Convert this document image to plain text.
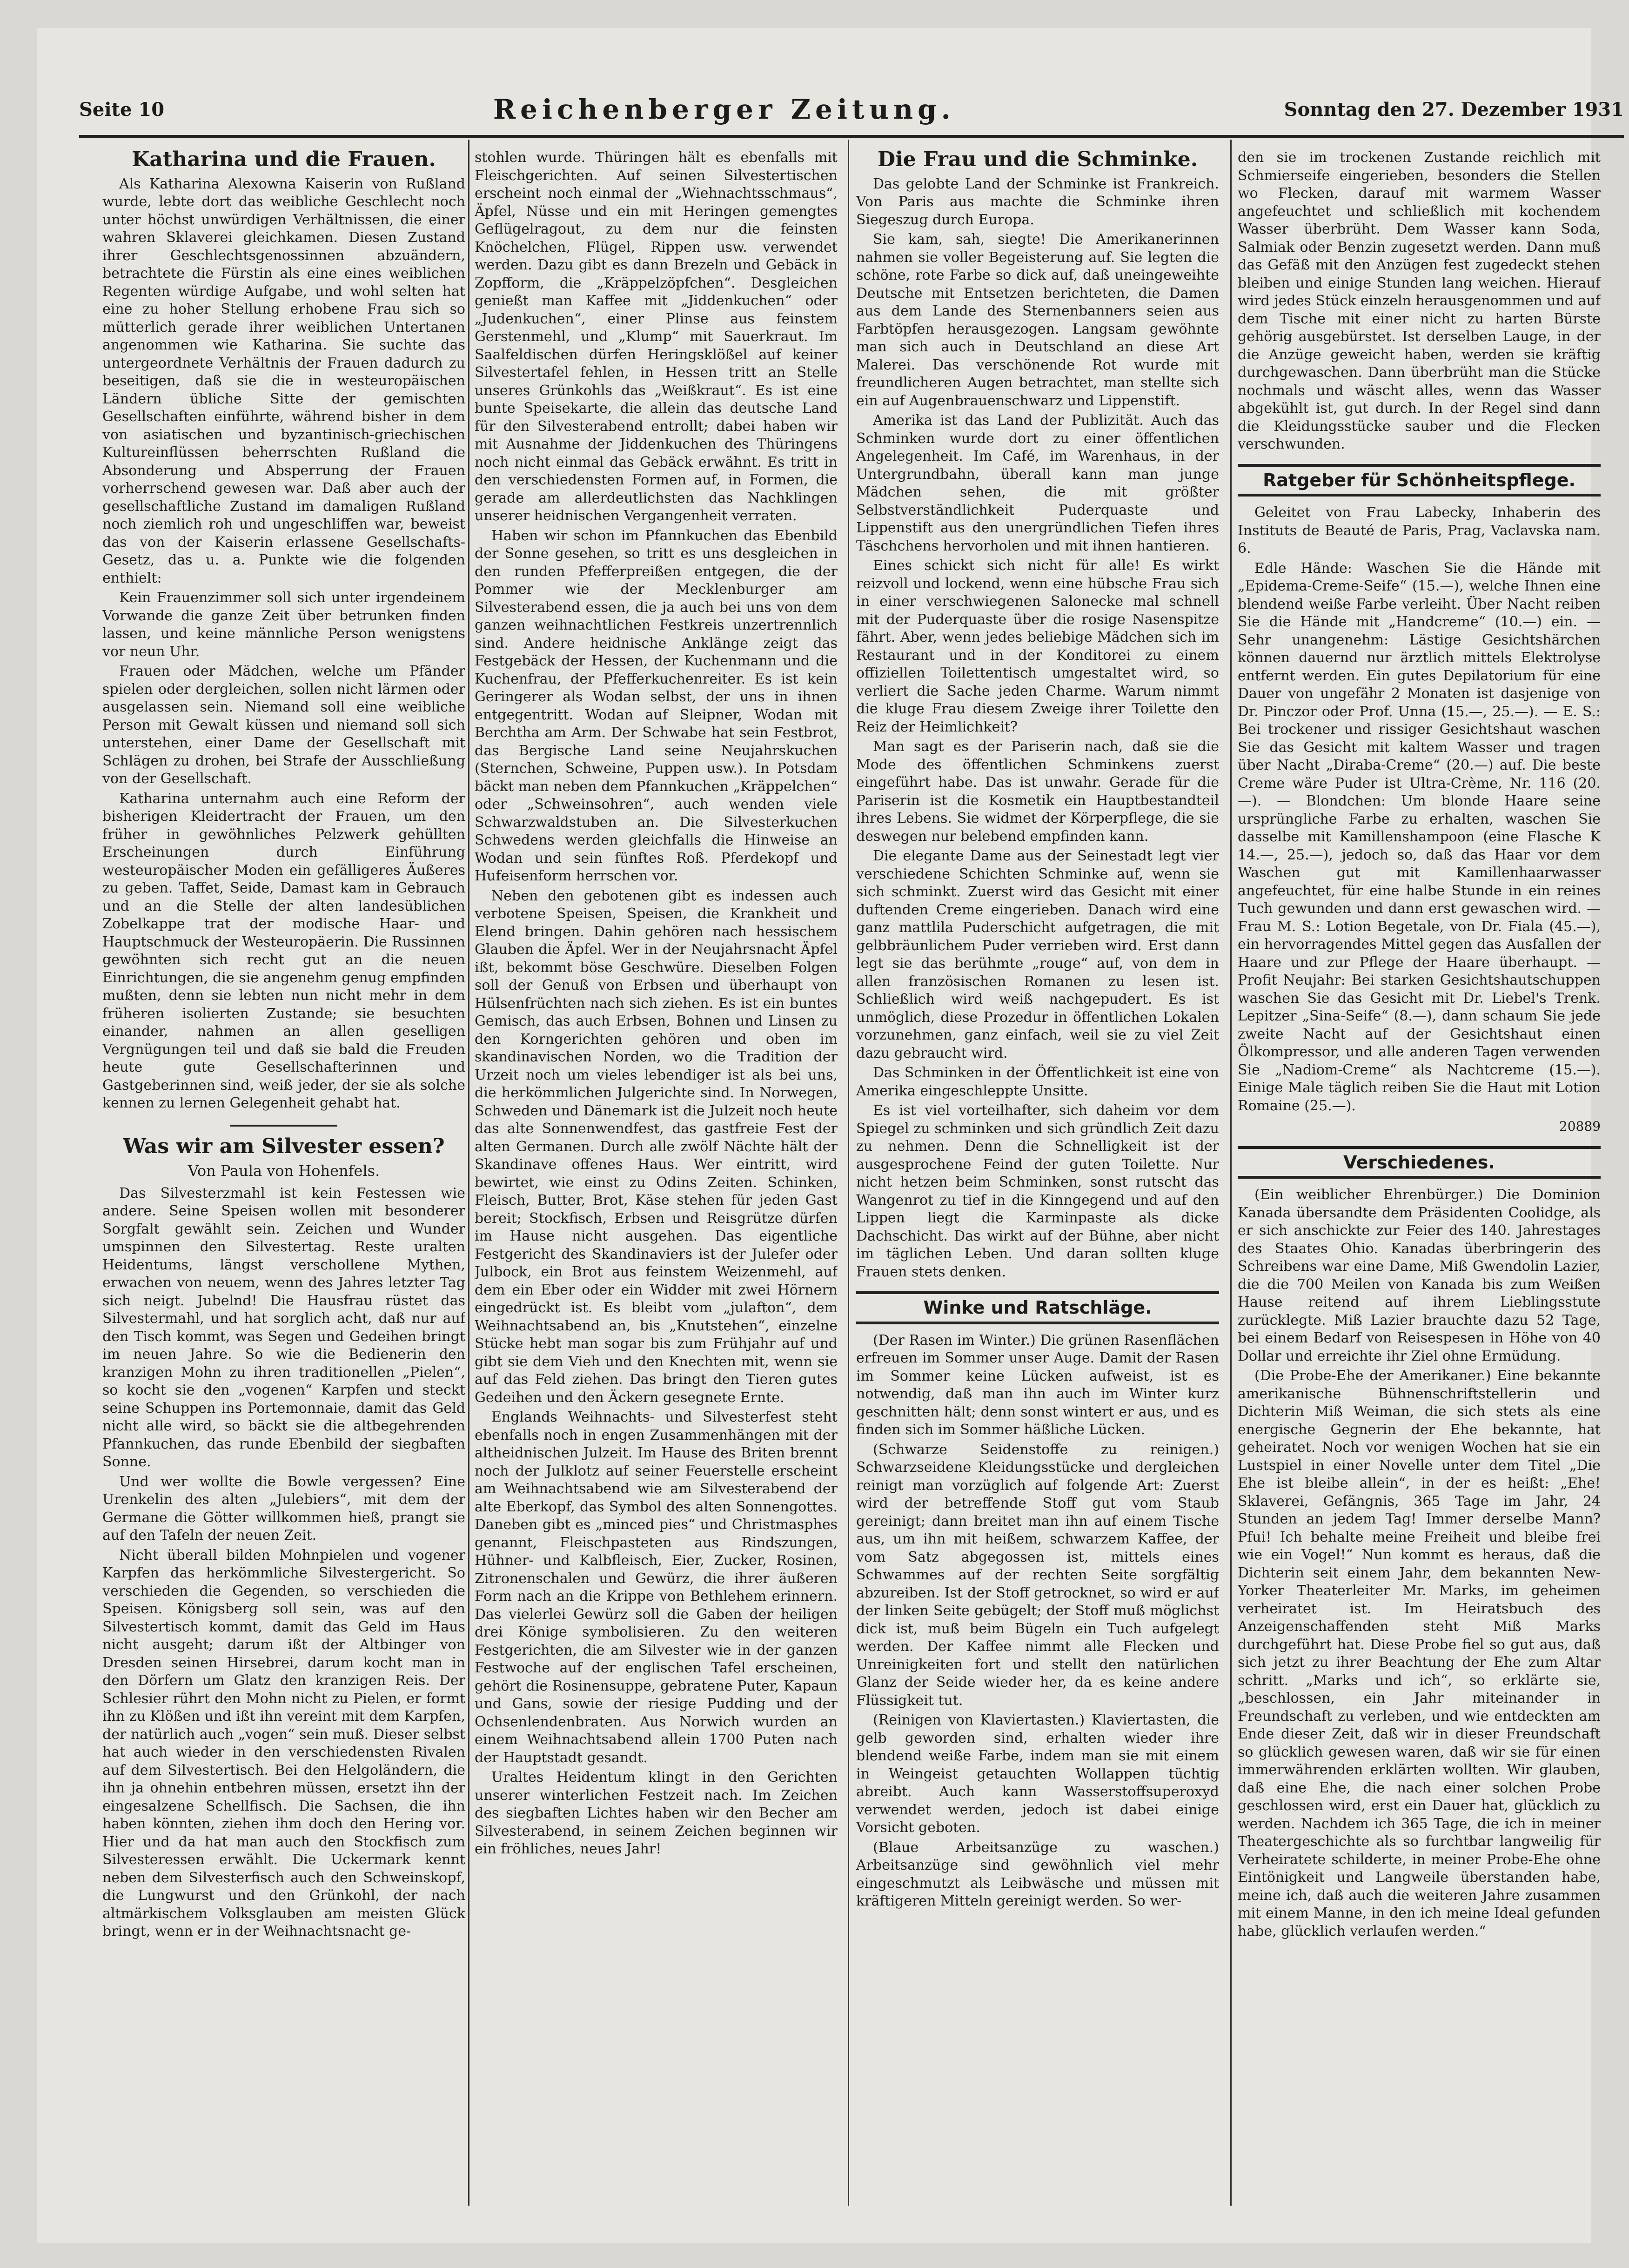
Seite 10	Reichenberger Zeitung.	Sonntag den 27. Dezember 1931
Katharina und die Frauen.

Als Katharina Alexowna Kaiserin von Rußland wurde, lebte dort das weibliche Geschlecht noch unter höchst unwürdigen Verhältnissen, die einer wahren Sklaverei gleichkamen. Diesen Zustand ihrer Geschlechtsgenossinnen abzuändern, betrachtete die Fürstin als eine eines weiblichen Regenten würdige Aufgabe, und wohl selten hat eine zu hoher Stellung erhobene Frau sich so mütterlich gerade ihrer weiblichen Untertanen angenommen wie Katharina. Sie suchte das untergeordnete Verhältnis der Frauen dadurch zu beseitigen, daß sie die in westeuropäischen Ländern übliche Sitte der gemischten Gesellschaften einführte, während bisher in dem von asiatischen und byzantinisch-griechischen Kultureinflüssen beherrschten Rußland die Absonderung und Absperrung der Frauen vorherrschend gewesen war. Daß aber auch der gesellschaftliche Zustand im damaligen Rußland noch ziemlich roh und ungeschliffen war, beweist das von der Kaiserin erlassene Gesellschafts-Gesetz, das u. a. Punkte wie die folgenden enthielt:

Kein Frauenzimmer soll sich unter irgendeinem Vorwande die ganze Zeit über betrunken finden lassen, und keine männliche Person wenigstens vor neun Uhr.

Frauen oder Mädchen, welche um Pfänder spielen oder dergleichen, sollen nicht lärmen oder ausgelassen sein. Niemand soll eine weibliche Person mit Gewalt küssen und niemand soll sich unterstehen, einer Dame der Gesellschaft mit Schlägen zu drohen, bei Strafe der Ausschließung von der Gesellschaft.

Katharina unternahm auch eine Reform der bisherigen Kleidertracht der Frauen, um den früher in gewöhnliches Pelzwerk gehüllten Erscheinungen durch Einführung westeuropäischer Moden ein gefälligeres Äußeres zu geben. Taffet, Seide, Damast kam in Gebrauch und an die Stelle der alten landesüblichen Zobelkappe trat der modische Haar- und Hauptschmuck der Westeuropäerin. Die Russinnen gewöhnten sich recht gut an die neuen Einrichtungen, die sie angenehm genug empfinden mußten, denn sie lebten nun nicht mehr in dem früheren isolierten Zustande; sie besuchten einander, nahmen an allen geselligen Vergnügungen teil und daß sie bald die Freuden heute gute Gesellschafterinnen und Gastgeberinnen sind, weiß jeder, der sie als solche kennen zu lernen Gelegenheit gehabt hat.

Was wir am Silvester essen?
Von Paula von Hohenfels.

Das Silvesterzmahl ist kein Festessen wie andere. Seine Speisen wollen mit besonderer Sorgfalt gewählt sein. Zeichen und Wunder umspinnen den Silvestertag. Reste uralten Heidentums, längst verschollene Mythen, erwachen von neuem, wenn des Jahres letzter Tag sich neigt. Jubelnd! Die Hausfrau rüstet das Silvestermahl, und hat sorglich acht, daß nur auf den Tisch kommt, was Segen und Gedeihen bringt im neuen Jahre. So wie die Bedienerin den kranzigen Mohn zu ihren traditionellen „Pielen“, so kocht sie den „vogenen“ Karpfen und steckt seine Schuppen ins Portemonnaie, damit das Geld nicht alle wird, so bäckt sie die altbegehrenden Pfannkuchen, das runde Ebenbild der siegbaften Sonne.

Und wer wollte die Bowle vergessen? Eine Urenkelin des alten „Julebiers“, mit dem der Germane die Götter willkommen hieß, prangt sie auf den Tafeln der neuen Zeit.

Nicht überall bilden Mohnpielen und vogener Karpfen das herkömmliche Silvestergericht. So verschieden die Gegenden, so verschieden die Speisen. Königsberg soll sein, was auf den Silvestertisch kommt, damit das Geld im Haus nicht ausgeht; darum ißt der Altbinger von Dresden seinen Hirsebrei, darum kocht man in den Dörfern um Glatz den kranzigen Reis. Der Schlesier rührt den Mohn nicht zu Pielen, er formt ihn zu Klößen und ißt ihn vereint mit dem Karpfen, der natürlich auch „vogen“ sein muß. Dieser selbst hat auch wieder in den verschiedensten Rivalen auf dem Silvestertisch. Bei den Helgoländern, die ihn ja ohnehin entbehren müssen, ersetzt ihn der eingesalzene Schellfisch. Die Sachsen, die ihn haben könnten, ziehen ihm doch den Hering vor. Hier und da hat man auch den Stockfisch zum Silvesteressen erwählt. Die Uckermark kennt neben dem Silvesterfisch auch den Schweinskopf, die Lungwurst und den Grünkohl, der nach altmärkischem Volksglauben am meisten Glück bringt, wenn er in der Weihnachtsnacht ge-

stohlen wurde. Thüringen hält es ebenfalls mit Fleischgerichten. Auf seinen Silvestertischen erscheint noch einmal der „Wiehnachtsschmaus“, Äpfel, Nüsse und ein mit Heringen gemengtes Geflügelragout, zu dem nur die feinsten Knöchelchen, Flügel, Rippen usw. verwendet werden. Dazu gibt es dann Brezeln und Gebäck in Zopfform, die „Kräppelzöpfchen“. Desgleichen genießt man Kaffee mit „Jiddenkuchen“ oder „Judenkuchen“, einer Plinse aus feinstem Gerstenmehl, und „Klump“ mit Sauerkraut. Im Saalfeldischen dürfen Heringsklößel auf keiner Silvestertafel fehlen, in Hessen tritt an Stelle unseres Grünkohls das „Weißkraut“. Es ist eine bunte Speisekarte, die allein das deutsche Land für den Silvesterabend entrollt; dabei haben wir mit Ausnahme der Jiddenkuchen des Thüringens noch nicht einmal das Gebäck erwähnt. Es tritt in den verschiedensten Formen auf, in Formen, die gerade am allerdeutlichsten das Nachklingen unserer heidnischen Vergangenheit verraten.

Haben wir schon im Pfannkuchen das Ebenbild der Sonne gesehen, so tritt es uns desgleichen in den runden Pfefferpreißen entgegen, die der Pommer wie der Mecklenburger am Silvesterabend essen, die ja auch bei uns von dem ganzen weihnachtlichen Festkreis unzertrennlich sind. Andere heidnische Anklänge zeigt das Festgebäck der Hessen, der Kuchenmann und die Kuchenfrau, der Pfefferkuchenreiter. Es ist kein Geringerer als Wodan selbst, der uns in ihnen entgegentritt. Wodan auf Sleipner, Wodan mit Berchtha am Arm. Der Schwabe hat sein Festbrot, das Bergische Land seine Neujahrskuchen (Sternchen, Schweine, Puppen usw.). In Potsdam bäckt man neben dem Pfannkuchen „Kräppelchen“ oder „Schweinsohren“, auch wenden viele Schwarzwaldstuben an. Die Silvesterkuchen Schwedens werden gleichfalls die Hinweise an Wodan und sein fünftes Roß. Pferdekopf und Hufeisenform herrschen vor.

Neben den gebotenen gibt es indessen auch verbotene Speisen, Speisen, die Krankheit und Elend bringen. Dahin gehören nach hessischem Glauben die Äpfel. Wer in der Neujahrsnacht Äpfel ißt, bekommt böse Geschwüre. Dieselben Folgen soll der Genuß von Erbsen und überhaupt von Hülsenfrüchten nach sich ziehen. Es ist ein buntes Gemisch, das auch Erbsen, Bohnen und Linsen zu den Korngerichten gehören und oben im skandinavischen Norden, wo die Tradition der Urzeit noch um vieles lebendiger ist als bei uns, die herkömmlichen Julgerichte sind. In Norwegen, Schweden und Dänemark ist die Julzeit noch heute das alte Sonnenwendfest, das gastfreie Fest der alten Germanen. Durch alle zwölf Nächte hält der Skandinave offenes Haus. Wer eintritt, wird bewirtet, wie einst zu Odins Zeiten. Schinken, Fleisch, Butter, Brot, Käse stehen für jeden Gast bereit; Stockfisch, Erbsen und Reisgrütze dürfen im Hause nicht ausgehen. Das eigentliche Festgericht des Skandinaviers ist der Julefer oder Julbock, ein Brot aus feinstem Weizenmehl, auf dem ein Eber oder ein Widder mit zwei Hörnern eingedrückt ist. Es bleibt vom „julafton“, dem Weihnachtsabend an, bis „Knutstehen“, einzelne Stücke hebt man sogar bis zum Frühjahr auf und gibt sie dem Vieh und den Knechten mit, wenn sie auf das Feld ziehen. Das bringt den Tieren gutes Gedeihen und den Äckern gesegnete Ernte.

Englands Weihnachts- und Silvesterfest steht ebenfalls noch in engen Zusammenhängen mit der altheidnischen Julzeit. Im Hause des Briten brennt noch der Julklotz auf seiner Feuerstelle erscheint am Weihnachtsabend wie am Silvesterabend der alte Eberkopf, das Symbol des alten Sonnengottes. Daneben gibt es „minced pies“ und Christmasphes genannt, Fleischpasteten aus Rindszungen, Hühner- und Kalbfleisch, Eier, Zucker, Rosinen, Zitronenschalen und Gewürz, die ihrer äußeren Form nach an die Krippe von Bethlehem erinnern. Das vielerlei Gewürz soll die Gaben der heiligen drei Könige symbolisieren. Zu den weiteren Festgerichten, die am Silvester wie in der ganzen Festwoche auf der englischen Tafel erscheinen, gehört die Rosinensuppe, gebratene Puter, Kapaun und Gans, sowie der riesige Pudding und der Ochsenlendenbraten. Aus Norwich wurden an einem Weihnachtsabend allein 1700 Puten nach der Hauptstadt gesandt.

Uraltes Heidentum klingt in den Gerichten unserer winterlichen Festzeit nach. Im Zeichen des siegbaften Lichtes haben wir den Becher am Silvesterabend, in seinem Zeichen beginnen wir ein fröhliches, neues Jahr!

Die Frau und die Schminke.

Das gelobte Land der Schminke ist Frankreich. Von Paris aus machte die Schminke ihren Siegeszug durch Europa.

Sie kam, sah, siegte! Die Amerikanerinnen nahmen sie voller Begeisterung auf. Sie legten die schöne, rote Farbe so dick auf, daß uneingeweihte Deutsche mit Entsetzen berichteten, die Damen aus dem Lande des Sternenbanners seien aus Farbtöpfen herausgezogen. Langsam gewöhnte man sich auch in Deutschland an diese Art Malerei. Das verschönende Rot wurde mit freundlicheren Augen betrachtet, man stellte sich ein auf Augenbrauenschwarz und Lippenstift.

Amerika ist das Land der Publizität. Auch das Schminken wurde dort zu einer öffentlichen Angelegenheit. Im Café, im Warenhaus, in der Untergrundbahn, überall kann man junge Mädchen sehen, die mit größter Selbstverständlichkeit Puderquaste und Lippenstift aus den unergründlichen Tiefen ihres Täschchens hervorholen und mit ihnen hantieren.

Eines schickt sich nicht für alle! Es wirkt reizvoll und lockend, wenn eine hübsche Frau sich in einer verschwiegenen Salonecke mal schnell mit der Puderquaste über die rosige Nasenspitze fährt. Aber, wenn jedes beliebige Mädchen sich im Restaurant und in der Konditorei zu einem offiziellen Toilettentisch umgestaltet wird, so verliert die Sache jeden Charme. Warum nimmt die kluge Frau diesem Zweige ihrer Toilette den Reiz der Heimlichkeit?

Man sagt es der Pariserin nach, daß sie die Mode des öffentlichen Schminkens zuerst eingeführt habe. Das ist unwahr. Gerade für die Pariserin ist die Kosmetik ein Hauptbestandteil ihres Lebens. Sie widmet der Körperpflege, die sie deswegen nur belebend empfinden kann.

Die elegante Dame aus der Seinestadt legt vier verschiedene Schichten Schminke auf, wenn sie sich schminkt. Zuerst wird das Gesicht mit einer duftenden Creme eingerieben. Danach wird eine ganz mattlila Puderschicht aufgetragen, die mit gelbbräunlichem Puder verrieben wird. Erst dann legt sie das berühmte „rouge“ auf, von dem in allen französischen Romanen zu lesen ist. Schließlich wird weiß nachgepudert. Es ist unmöglich, diese Prozedur in öffentlichen Lokalen vorzunehmen, ganz einfach, weil sie zu viel Zeit dazu gebraucht wird.

Das Schminken in der Öffentlichkeit ist eine von Amerika eingeschleppte Unsitte.

Es ist viel vorteilhafter, sich daheim vor dem Spiegel zu schminken und sich gründlich Zeit dazu zu nehmen. Denn die Schnelligkeit ist der ausgesprochene Feind der guten Toilette. Nur nicht hetzen beim Schminken, sonst rutscht das Wangenrot zu tief in die Kinngegend und auf den Lippen liegt die Karminpaste als dicke Dachschicht. Das wirkt auf der Bühne, aber nicht im täglichen Leben. Und daran sollten kluge Frauen stets denken.

Winke und Ratschläge.

(Der Rasen im Winter.) Die grünen Rasenflächen erfreuen im Sommer unser Auge. Damit der Rasen im Sommer keine Lücken aufweist, ist es notwendig, daß man ihn auch im Winter kurz geschnitten hält; denn sonst wintert er aus, und es finden sich im Sommer häßliche Lücken.

(Schwarze Seidenstoffe zu reinigen.) Schwarzseidene Kleidungsstücke und dergleichen reinigt man vorzüglich auf folgende Art: Zuerst wird der betreffende Stoff gut vom Staub gereinigt; dann breitet man ihn auf einem Tische aus, um ihn mit heißem, schwarzem Kaffee, der vom Satz abgegossen ist, mittels eines Schwammes auf der rechten Seite sorgfältig abzureiben. Ist der Stoff getrocknet, so wird er auf der linken Seite gebügelt; der Stoff muß möglichst dick ist, muß beim Bügeln ein Tuch aufgelegt werden. Der Kaffee nimmt alle Flecken und Unreinigkeiten fort und stellt den natürlichen Glanz der Seide wieder her, da es keine andere Flüssigkeit tut.

(Reinigen von Klaviertasten.) Klaviertasten, die gelb geworden sind, erhalten wieder ihre blendend weiße Farbe, indem man sie mit einem in Weingeist getauchten Wollappen tüchtig abreibt. Auch kann Wasserstoffsuperoxyd verwendet werden, jedoch ist dabei einige Vorsicht geboten.

(Blaue Arbeitsanzüge zu waschen.) Arbeitsanzüge sind gewöhnlich viel mehr eingeschmutzt als Leibwäsche und müssen mit kräftigeren Mitteln gereinigt werden. So wer-

den sie im trockenen Zustande reichlich mit Schmierseife eingerieben, besonders die Stellen wo Flecken, darauf mit warmem Wasser angefeuchtet und schließlich mit kochendem Wasser überbrüht. Dem Wasser kann Soda, Salmiak oder Benzin zugesetzt werden. Dann muß das Gefäß mit den Anzügen fest zugedeckt stehen bleiben und einige Stunden lang weichen. Hierauf wird jedes Stück einzeln herausgenommen und auf dem Tische mit einer nicht zu harten Bürste gehörig ausgebürstet. Ist derselben Lauge, in der die Anzüge geweicht haben, werden sie kräftig durchgewaschen. Dann überbrüht man die Stücke nochmals und wäscht alles, wenn das Wasser abgekühlt ist, gut durch. In der Regel sind dann die Kleidungsstücke sauber und die Flecken verschwunden.

Ratgeber für Schönheitspflege.

Geleitet von Frau Labecky, Inhaberin des Instituts de Beauté de Paris, Prag, Vaclavska nam. 6.

Edle Hände: Waschen Sie die Hände mit „Epidema-Creme-Seife“ (15.—), welche Ihnen eine blendend weiße Farbe verleiht. Über Nacht reiben Sie die Hände mit „Handcreme“ (10.—) ein. — Sehr unangenehm: Lästige Gesichtshärchen können dauernd nur ärztlich mittels Elektrolyse entfernt werden. Ein gutes Depilatorium für eine Dauer von ungefähr 2 Monaten ist dasjenige von Dr. Pinczor oder Prof. Unna (15.—, 25.—). — E. S.: Bei trockener und rissiger Gesichtshaut waschen Sie das Gesicht mit kaltem Wasser und tragen über Nacht „Diraba-Creme“ (20.—) auf. Die beste Creme wäre Puder ist Ultra-Crème, Nr. 116 (20.—). — Blondchen: Um blonde Haare seine ursprüngliche Farbe zu erhalten, waschen Sie dasselbe mit Kamillenshampoon (eine Flasche K 14.—, 25.—), jedoch so, daß das Haar vor dem Waschen gut mit Kamillenhaarwasser angefeuchtet, für eine halbe Stunde in ein reines Tuch gewunden und dann erst gewaschen wird. — Frau M. S.: Lotion Begetale, von Dr. Fiala (45.—), ein hervorragendes Mittel gegen das Ausfallen der Haare und zur Pflege der Haare überhaupt. — Profit Neujahr: Bei starken Gesichtshautschuppen waschen Sie das Gesicht mit Dr. Liebel's Trenk. Lepitzer „Sina-Seife“ (8.—), dann schaum Sie jede zweite Nacht auf der Gesichtshaut einen Ölkompressor, und alle anderen Tagen verwenden Sie „Nadiom-Creme“ als Nachtcreme (15.—). Einige Male täglich reiben Sie die Haut mit Lotion Romaine (25.—).

20889
Verschiedenes.

(Ein weiblicher Ehrenbürger.) Die Dominion Kanada übersandte dem Präsidenten Coolidge, als er sich anschickte zur Feier des 140. Jahrestages des Staates Ohio. Kanadas überbringerin des Schreibens war eine Dame, Miß Gwendolin Lazier, die die 700 Meilen von Kanada bis zum Weißen Hause reitend auf ihrem Lieblingsstute zurücklegte. Miß Lazier brauchte dazu 52 Tage, bei einem Bedarf von Reisespesen in Höhe von 40 Dollar und erreichte ihr Ziel ohne Ermüdung.

(Die Probe-Ehe der Amerikaner.) Eine bekannte amerikanische Bühnenschriftstellerin und Dichterin Miß Weiman, die sich stets als eine energische Gegnerin der Ehe bekannte, hat geheiratet. Noch vor wenigen Wochen hat sie ein Lustspiel in einer Novelle unter dem Titel „Die Ehe ist bleibe allein“, in der es heißt: „Ehe! Sklaverei, Gefängnis, 365 Tage im Jahr, 24 Stunden an jedem Tag! Immer derselbe Mann? Pfui! Ich behalte meine Freiheit und bleibe frei wie ein Vogel!“ Nun kommt es heraus, daß die Dichterin seit einem Jahr, dem bekannten New-Yorker Theaterleiter Mr. Marks, im geheimen verheiratet ist. Im Heiratsbuch des Anzeigenschaffenden steht Miß Marks durchgeführt hat. Diese Probe fiel so gut aus, daß sich jetzt zu ihrer Beachtung der Ehe zum Altar schritt. „Marks und ich“, so erklärte sie, „beschlossen, ein Jahr miteinander in Freundschaft zu verleben, und wie entdeckten am Ende dieser Zeit, daß wir in dieser Freundschaft so glücklich gewesen waren, daß wir sie für einen immerwährenden erklärten wollten. Wir glauben, daß eine Ehe, die nach einer solchen Probe geschlossen wird, erst ein Dauer hat, glücklich zu werden. Nachdem ich 365 Tage, die ich in meiner Theatergeschichte als so furchtbar langweilig für Verheiratete schilderte, in meiner Probe-Ehe ohne Eintönigkeit und Langweile überstanden habe, meine ich, daß auch die weiteren Jahre zusammen mit einem Manne, in den ich meine Ideal gefunden habe, glücklich verlaufen werden.“
